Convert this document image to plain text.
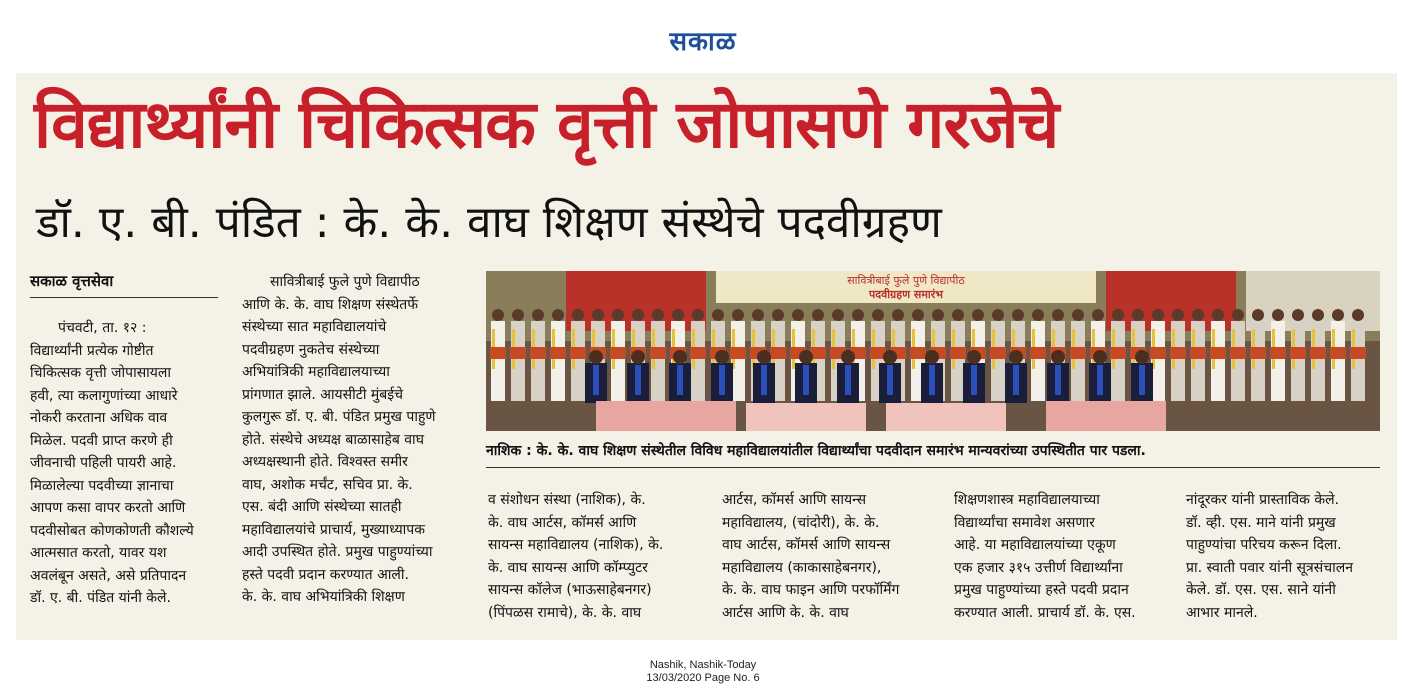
सकाळ
विद्यार्थ्यांनी चिकित्सक वृत्ती जोपासणे गरजेचे
डॉ. ए. बी. पंडित : के. के. वाघ शिक्षण संस्थेचे पदवीग्रहण
सकाळ वृत्तसेवा

पंचवटी, ता. १२ :

विद्यार्थ्यांनी प्रत्येक गोष्टीत

चिकित्सक वृत्ती जोपासायला

हवी, त्या कलागुणांच्या आधारे

नोकरी करताना अधिक वाव

मिळेल. पदवी प्राप्त करणे ही

जीवनाची पहिली पायरी आहे.

मिळालेल्या पदवीच्या ज्ञानाचा

आपण कसा वापर करतो आणि

पदवीसोबत कोणकोणती कौशल्ये

आत्मसात करतो, यावर यश

अवलंबून असते, असे प्रतिपादन

डॉ. ए. बी. पंडित यांनी केले.

सावित्रीबाई फुले पुणे विद्यापीठ

आणि के. के. वाघ शिक्षण संस्थेतर्फे

संस्थेच्या सात महाविद्यालयांचे

पदवीग्रहण नुकतेच संस्थेच्या

अभियांत्रिकी महाविद्यालयाच्या

प्रांगणात झाले. आयसीटी मुंबईचे

कुलगुरू डॉ. ए. बी. पंडित प्रमुख पाहुणे

होते. संस्थेचे अध्यक्ष बाळासाहेब वाघ

अध्यक्षस्थानी होते. विश्‍वस्त समीर

वाघ, अशोक मर्चंट, सचिव प्रा. के.

एस. बंदी आणि संस्थेच्या सातही

महाविद्यालयांचे प्राचार्य, मुख्याध्यापक

आदी उपस्थित होते. प्रमुख पाहुण्यांच्या

हस्ते पदवी प्रदान करण्यात आली.

के. के. वाघ अभियांत्रिकी शिक्षण

सावित्रीबाई फुले पुणे विद्यापीठ
पदवीग्रहण समारंभ
नाशिक : के. के. वाघ शिक्षण संस्थेतील विविध महाविद्यालयांतील विद्यार्थ्यांचा पदवीदान समारंभ मान्यवरांच्या उपस्थितीत पार पडला.

व संशोधन संस्था (नाशिक), के.

के. वाघ आर्टस, कॉमर्स आणि

सायन्स महाविद्यालय (नाशिक), के.

के. वाघ सायन्स आणि कॉम्प्युटर

सायन्स कॉलेज (भाऊसाहेबनगर)

(पिंपळस रामाचे), के. के. वाघ

आर्टस, कॉमर्स आणि सायन्स

महाविद्यालय, (चांदोरी), के. के.

वाघ आर्टस, कॉमर्स आणि सायन्स

महाविद्यालय (काकासाहेबनगर),

के. के. वाघ फाइन आणि परफॉर्मिंग

आर्टस आणि के. के. वाघ

शिक्षणशास्त्र महाविद्यालयाच्या

विद्यार्थ्यांचा समावेश असणार

आहे. या महाविद्यालयांच्या एकूण

एक हजार ३१५ उत्तीर्ण विद्यार्थ्यांना

प्रमुख पाहुण्यांच्या हस्ते पदवी प्रदान

करण्यात आली. प्राचार्य डॉ. के. एस.

नांदूरकर यांनी प्रास्ताविक केले.

डॉ. व्ही. एस. माने यांनी प्रमुख

पाहुण्यांचा परिचय करून दिला.

प्रा. स्वाती पवार यांनी सूत्रसंचालन

केले. डॉ. एस. एस. साने यांनी

आभार मानले.

Nashik, Nashik-Today
13/03/2020 Page No. 6
